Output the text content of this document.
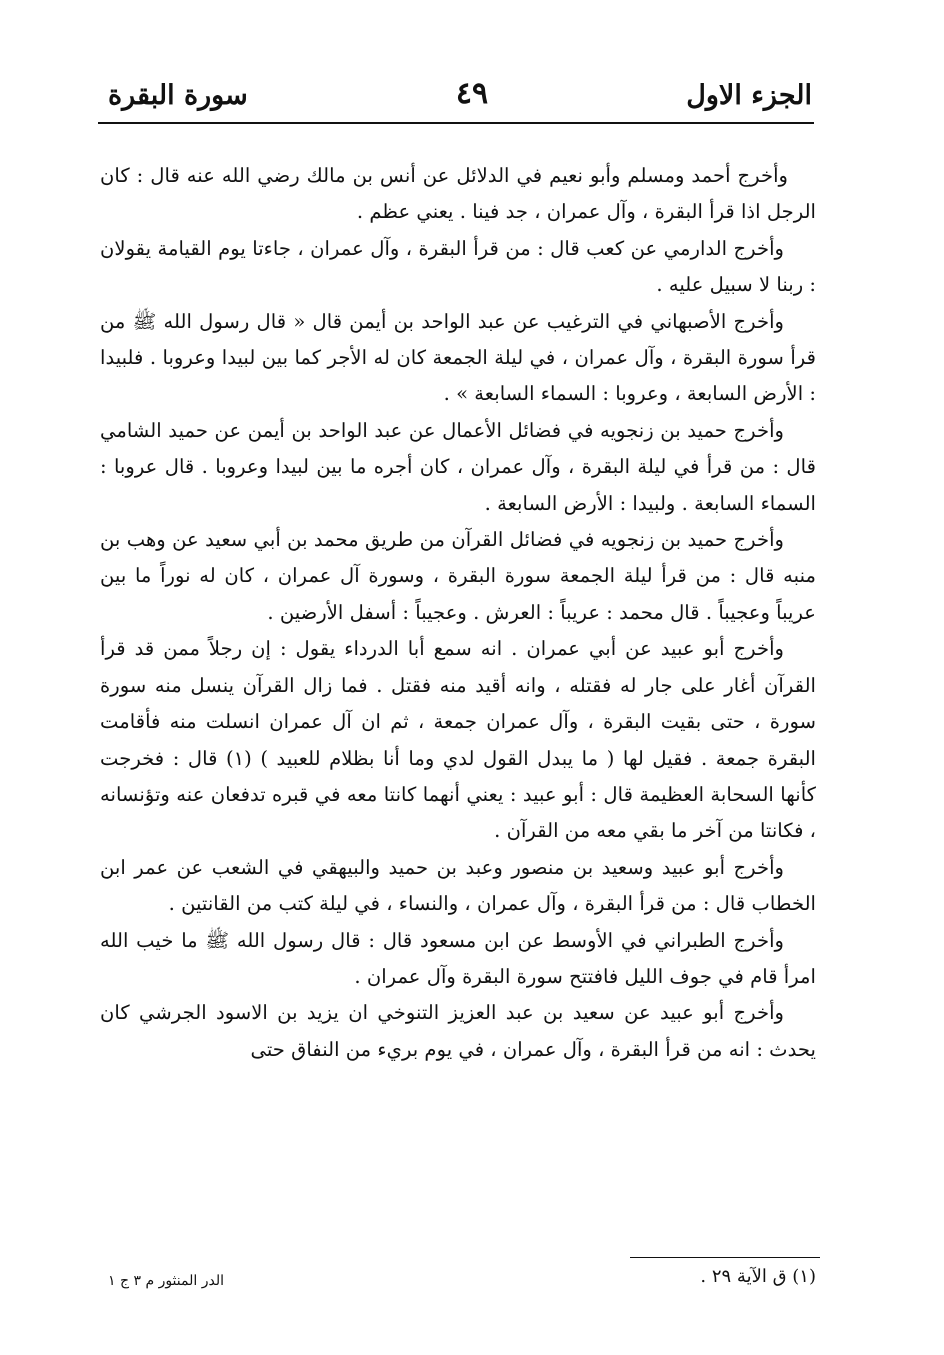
الجزء الاول
٤٩
سورة البقرة

وأخرج أحمد ومسلم وأبو نعيم في الدلائل عن أنس بن مالك رضي الله عنه قال : كان الرجل اذا قرأ البقرة ، وآل عمران ، جد فينا . يعني عظم .

وأخرج الدارمي عن كعب قال : من قرأ البقرة ، وآل عمران ، جاءتا يوم القيامة يقولان : ربنا لا سبيل عليه .

وأخرج الأصبهاني في الترغيب عن عبد الواحد بن أيمن قال « قال رسول الله ﷺ من قرأ سورة البقرة ، وآل عمران ، في ليلة الجمعة كان له الأجر كما بين لبيدا وعروبا . فلبيدا : الأرض السابعة ، وعروبا : السماء السابعة » .

وأخرج حميد بن زنجويه في فضائل الأعمال عن عبد الواحد بن أيمن عن حميد الشامي قال : من قرأ في ليلة البقرة ، وآل عمران ، كان أجره ما بين لبيدا وعروبا . قال عروبا : السماء السابعة . ولبيدا : الأرض السابعة .

وأخرج حميد بن زنجويه في فضائل القرآن من طريق محمد بن أبي سعيد عن وهب بن منبه قال : من قرأ ليلة الجمعة سورة البقرة ، وسورة آل عمران ، كان له نوراً ما بين عريباً وعجيباً . قال محمد : عريباً : العرش . وعجيباً : أسفل الأرضين .

وأخرج أبو عبيد عن أبي عمران . انه سمع أبا الدرداء يقول : إن رجلاً ممن قد قرأ القرآن أغار على جار له فقتله ، وانه أقيد منه فقتل . فما زال القرآن ينسل منه سورة سورة ، حتى بقيت البقرة ، وآل عمران جمعة ، ثم ان آل عمران انسلت منه فأقامت البقرة جمعة . فقيل لها ( ما يبدل القول لدي وما أنا بظلام للعبيد ) (١) قال : فخرجت كأنها السحابة العظيمة قال : أبو عبيد : يعني أنهما كانتا معه في قبره تدفعان عنه وتؤنسانه ، فكانتا من آخر ما بقي معه من القرآن .

وأخرج أبو عبيد وسعيد بن منصور وعبد بن حميد والبيهقي في الشعب عن عمر ابن الخطاب قال : من قرأ البقرة ، وآل عمران ، والنساء ، في ليلة كتب من القانتين .

وأخرج الطبراني في الأوسط عن ابن مسعود قال : قال رسول الله ﷺ ما خيب الله امرأ قام في جوف الليل فافتتح سورة البقرة وآل عمران .

وأخرج أبو عبيد عن سعيد بن عبد العزيز التنوخي ان يزيد بن الاسود الجرشي كان يحدث : انه من قرأ البقرة ، وآل عمران ، في يوم بريء من النفاق حتى

(١) ق الآية ٢٩ .
الدر المنثور م ٣ ج ١
